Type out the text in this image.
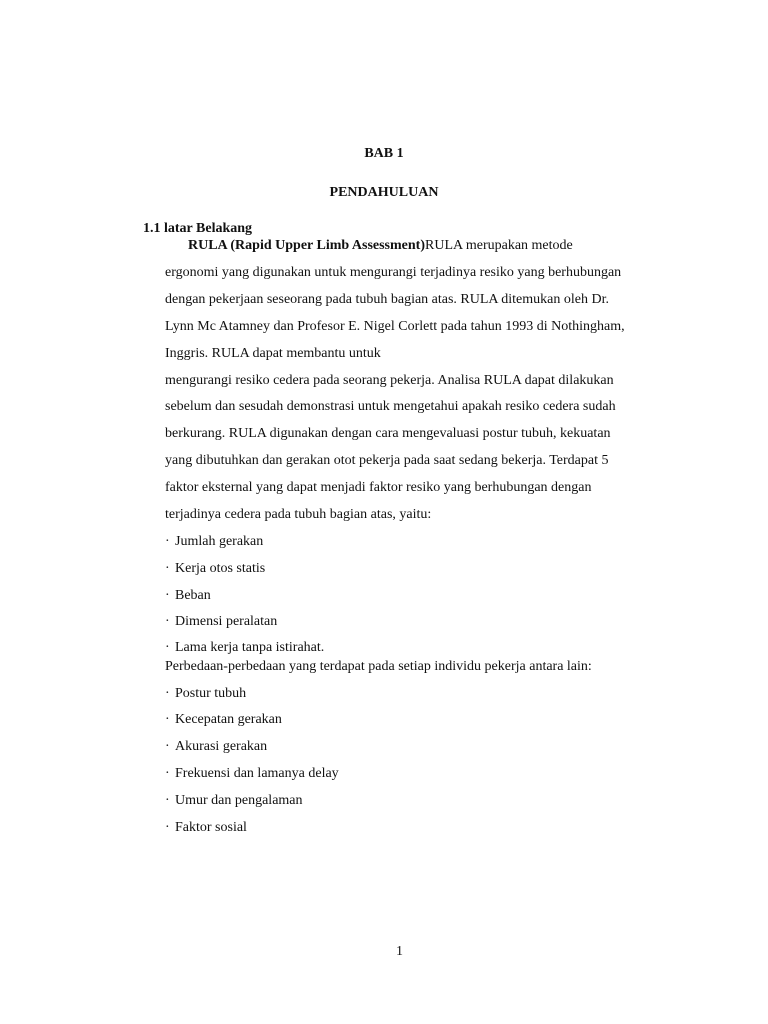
BAB 1
PENDAHULUAN
1.1 latar Belakang
RULA (Rapid Upper Limb Assessment)RULA merupakan metode
ergonomi yang digunakan untuk mengurangi terjadinya resiko yang berhubungan
dengan pekerjaan seseorang pada tubuh bagian atas. RULA ditemukan oleh Dr.
Lynn Mc Atamney dan Profesor E. Nigel Corlett pada tahun 1993 di Nothingham,
Inggris. RULA dapat membantu untuk
mengurangi resiko cedera pada seorang pekerja. Analisa RULA dapat dilakukan
sebelum dan sesudah demonstrasi untuk mengetahui apakah resiko cedera sudah
berkurang. RULA digunakan dengan cara mengevaluasi postur tubuh, kekuatan
yang dibutuhkan dan gerakan otot pekerja pada saat sedang bekerja. Terdapat 5
faktor eksternal yang dapat menjadi faktor resiko yang berhubungan dengan
terjadinya cedera pada tubuh bagian atas, yaitu:
· Jumlah gerakan
· Kerja otos statis
· Beban
· Dimensi peralatan
· Lama kerja tanpa istirahat.
Perbedaan-perbedaan yang terdapat pada setiap individu pekerja antara lain:
· Postur tubuh
· Kecepatan gerakan
· Akurasi gerakan
· Frekuensi dan lamanya delay
· Umur dan pengalaman
· Faktor sosial
1
